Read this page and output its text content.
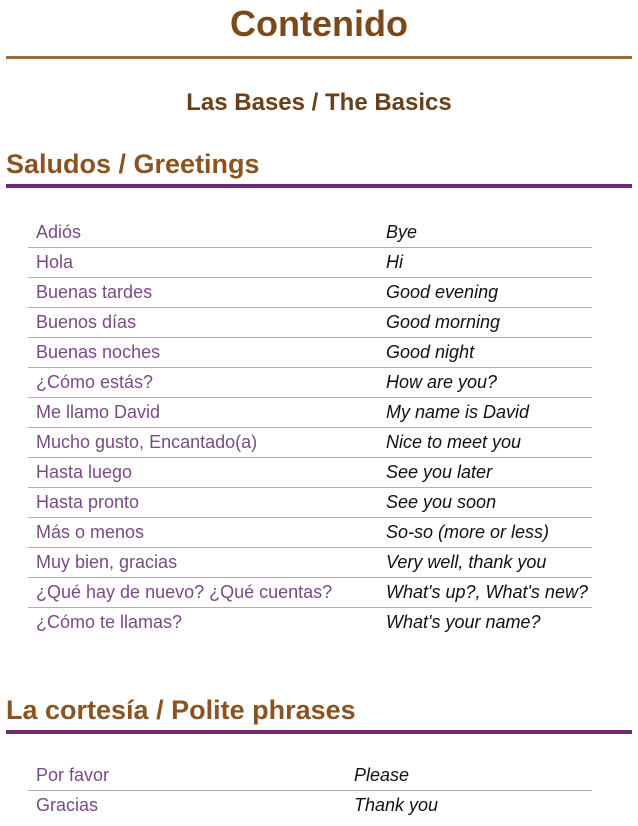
Contenido
Las Bases / The Basics
Saludos / Greetings
Adiós	Bye
Hola	Hi
Buenas tardes	Good evening
Buenos días	Good morning
Buenas noches	Good night
¿Cómo estás?	How are you?
Me llamo David	My name is David
Mucho gusto, Encantado(a)	Nice to meet you
Hasta luego	See you later
Hasta pronto	See you soon
Más o menos	So-so (more or less)
Muy bien, gracias	Very well, thank you
¿Qué hay de nuevo? ¿Qué cuentas?	What's up?, What's new?
¿Cómo te llamas?	What's your name?
La cortesía / Polite phrases
Por favor	Please
Gracias	Thank you
